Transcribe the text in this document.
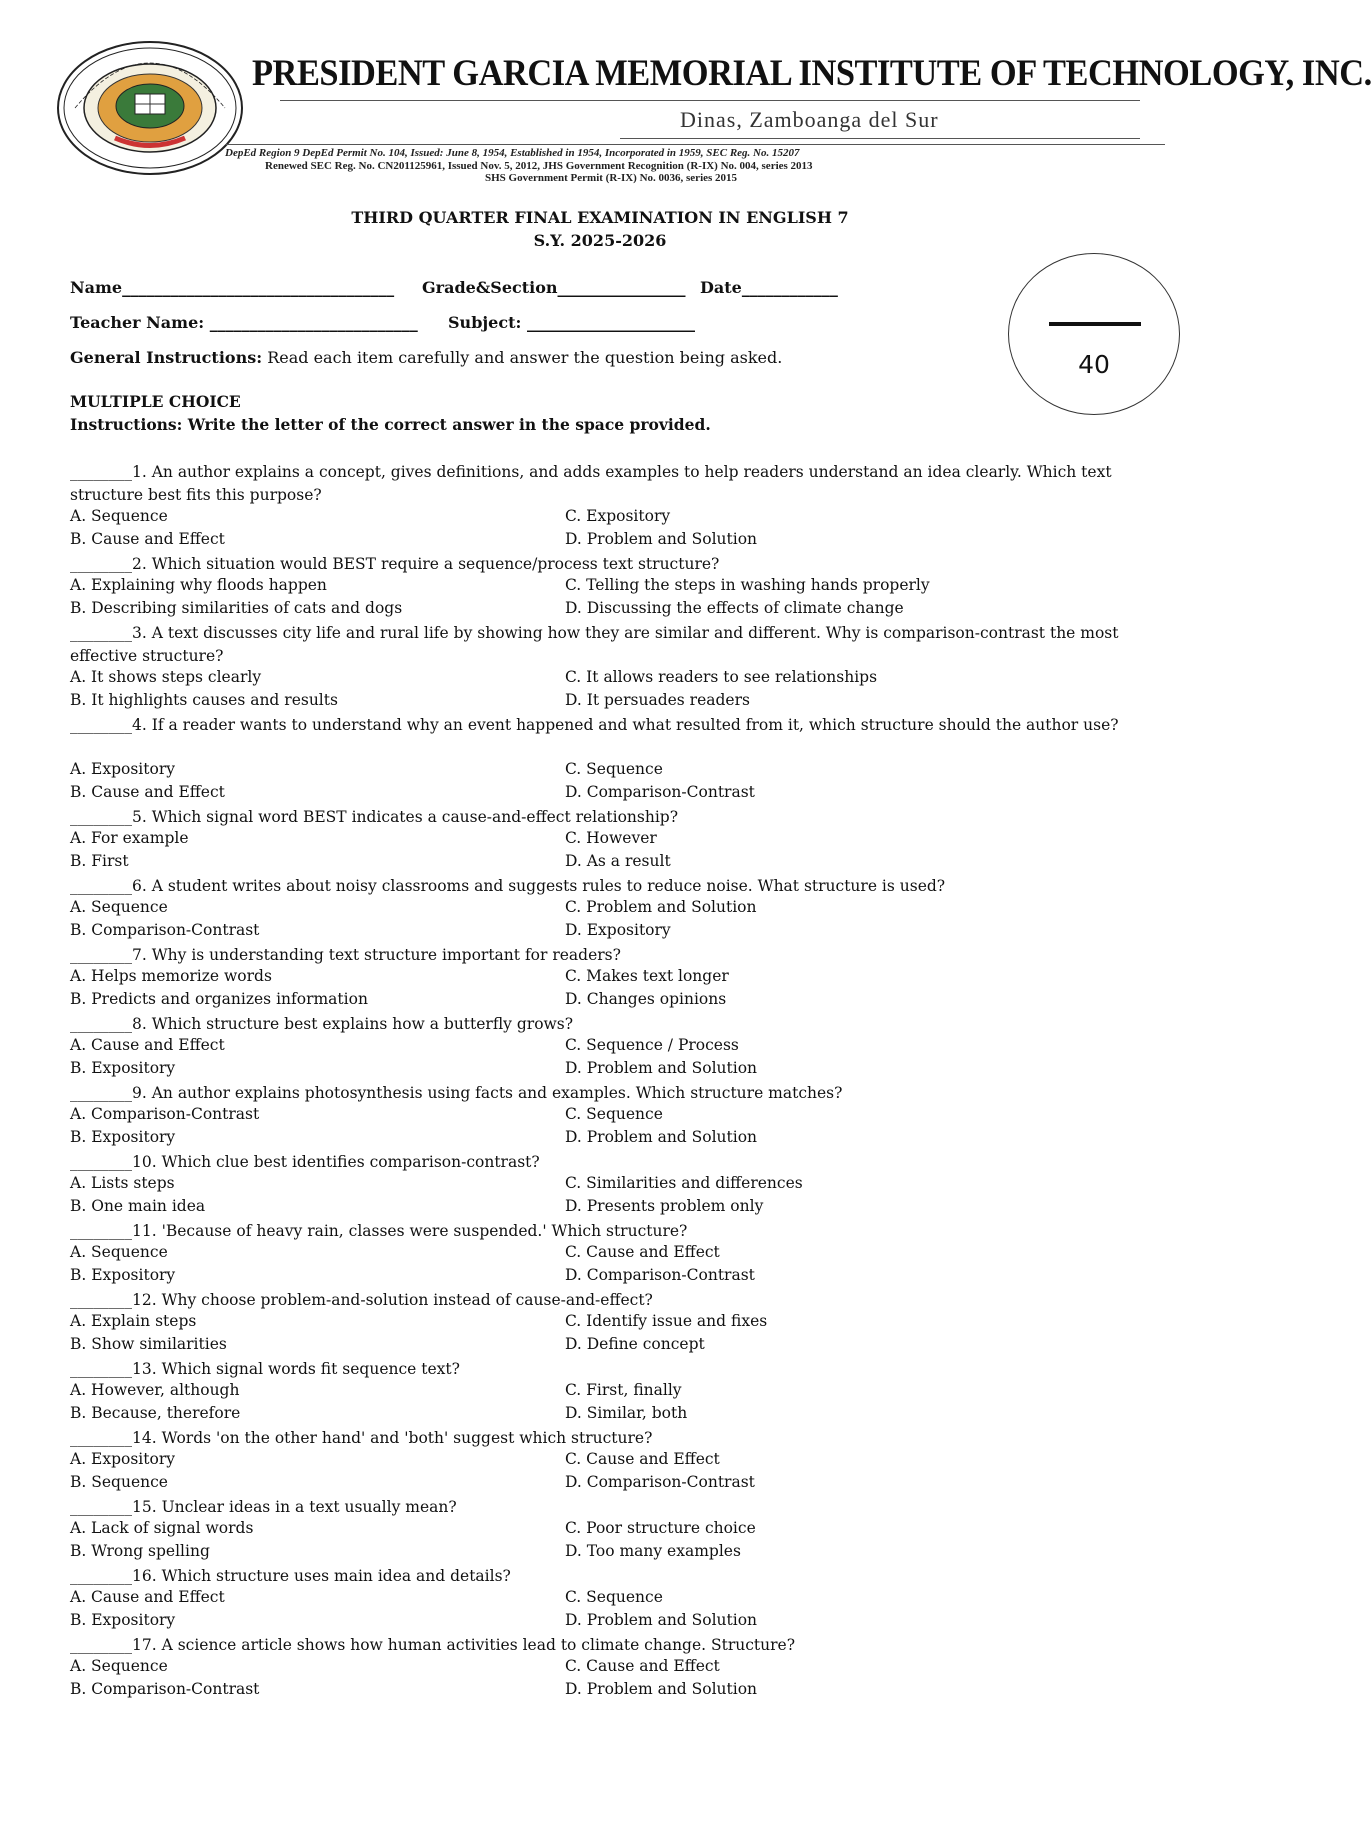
PRESIDENT GARCIA MEMORIAL INSTITUTE OF TECHNOLOGY, INC.
Dinas, Zamboanga del Sur
DepEd Region 9 DepEd Permit No. 104, Issued: June 8, 1954, Established in 1954, Incorporated in 1959, SEC Reg. No. 15207
Renewed SEC Reg. No. CN201125961, Issued Nov. 5, 2012, JHS Government Recognition (R-IX) No. 004, series 2013
SHS Government Permit (R-IX) No. 0036, series 2015
THIRD QUARTER FINAL EXAMINATION IN ENGLISH 7
S.Y. 2025-2026
Name__________________________________ Grade&Section________________ Date____________
Teacher Name: __________________________ Subject: _____________________
General Instructions: Read each item carefully and answer the question being asked.	40
MULTIPLE CHOICE
Instructions: Write the letter of the correct answer in the space provided.
________1. An author explains a concept, gives definitions, and adds examples to help readers understand an idea clearly. Which text structure best fits this purpose?
A. Sequence
B. Cause and Effect
C. Expository
D. Problem and Solution
________2. Which situation would BEST require a sequence/process text structure?
A. Explaining why floods happen
B. Describing similarities of cats and dogs
C. Telling the steps in washing hands properly
D. Discussing the effects of climate change
________3. A text discusses city life and rural life by showing how they are similar and different. Why is comparison-contrast the most effective structure?
A. It shows steps clearly
B. It highlights causes and results
C. It allows readers to see relationships
D. It persuades readers
________4. If a reader wants to understand why an event happened and what resulted from it, which structure should the author use?
A. Expository
B. Cause and Effect
C. Sequence
D. Comparison-Contrast
________5. Which signal word BEST indicates a cause-and-effect relationship?
A. For example
B. First
C. However
D. As a result
________6. A student writes about noisy classrooms and suggests rules to reduce noise. What structure is used?
A. Sequence
B. Comparison-Contrast
C. Problem and Solution
D. Expository
________7. Why is understanding text structure important for readers?
A. Helps memorize words
B. Predicts and organizes information
C. Makes text longer
D. Changes opinions
________8. Which structure best explains how a butterfly grows?
A. Cause and Effect
B. Expository
C. Sequence / Process
D. Problem and Solution
________9. An author explains photosynthesis using facts and examples. Which structure matches?
A. Comparison-Contrast
B. Expository
C. Sequence
D. Problem and Solution
________10. Which clue best identifies comparison-contrast?
A. Lists steps
B. One main idea
C. Similarities and differences
D. Presents problem only
________11. 'Because of heavy rain, classes were suspended.' Which structure?
A. Sequence
B. Expository
C. Cause and Effect
D. Comparison-Contrast
________12. Why choose problem-and-solution instead of cause-and-effect?
A. Explain steps
B. Show similarities
C. Identify issue and fixes
D. Define concept
________13. Which signal words fit sequence text?
A. However, although
B. Because, therefore
C. First, finally
D. Similar, both
________14. Words 'on the other hand' and 'both' suggest which structure?
A. Expository
B. Sequence
C. Cause and Effect
D. Comparison-Contrast
________15. Unclear ideas in a text usually mean?
A. Lack of signal words
B. Wrong spelling
C. Poor structure choice
D. Too many examples
________16. Which structure uses main idea and details?
A. Cause and Effect
B. Expository
C. Sequence
D. Problem and Solution
________17. A science article shows how human activities lead to climate change. Structure?
A. Sequence
B. Comparison-Contrast
C. Cause and Effect
D. Problem and Solution
